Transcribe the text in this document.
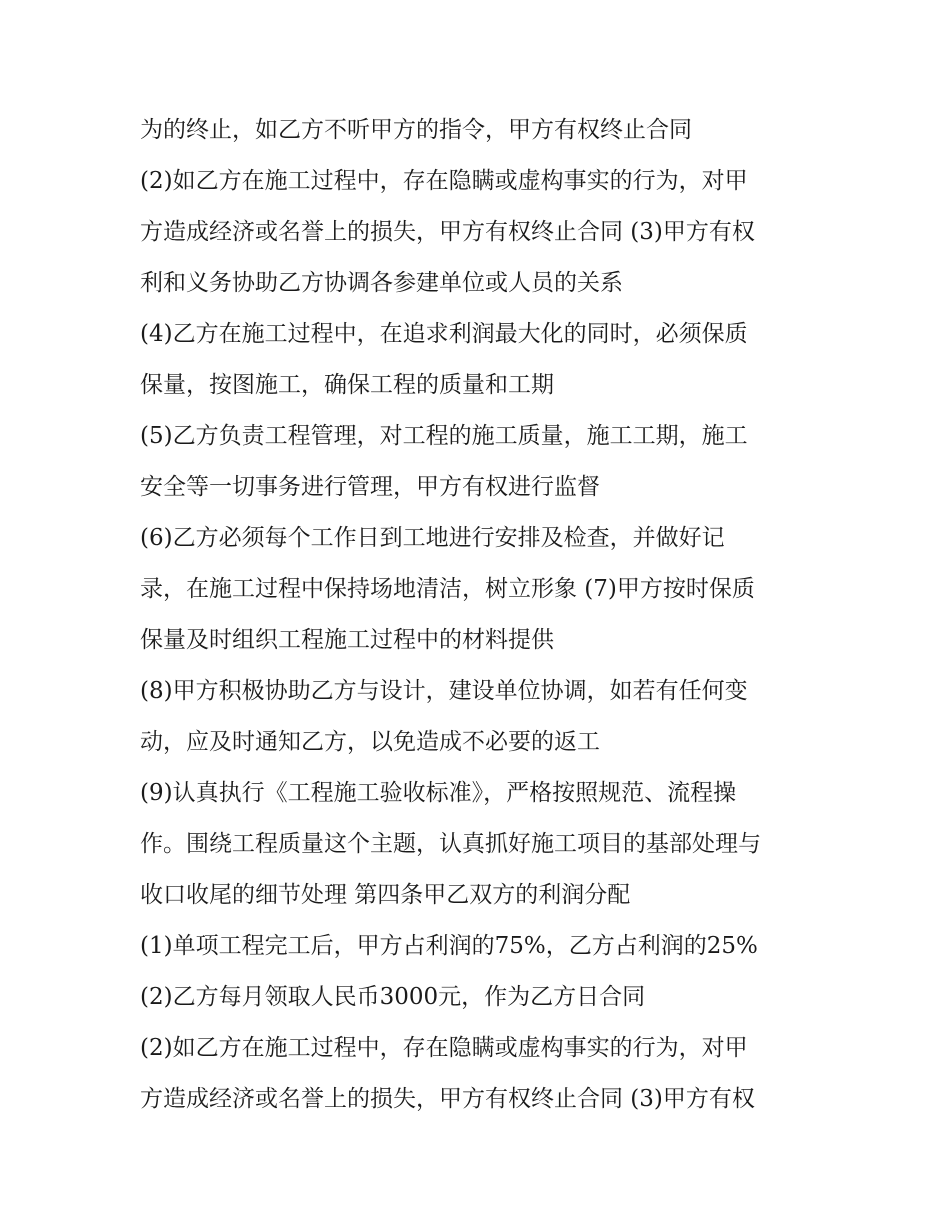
为的终止，如乙方不听甲方的指令，甲方有权终止合同
(2)如乙方在施工过程中，存在隐瞒或虚构事实的行为，对甲
方造成经济或名誉上的损失，甲方有权终止合同 (3)甲方有权
利和义务协助乙方协调各参建单位或人员的关系
(4)乙方在施工过程中，在追求利润最大化的同时，必须保质
保量，按图施工，确保工程的质量和工期
(5)乙方负责工程管理，对工程的施工质量，施工工期，施工
安全等一切事务进行管理，甲方有权进行监督
(6)乙方必须每个工作日到工地进行安排及检查，并做好记
录，在施工过程中保持场地清洁，树立形象 (7)甲方按时保质
保量及时组织工程施工过程中的材料提供
(8)甲方积极协助乙方与设计，建设单位协调，如若有任何变
动，应及时通知乙方，以免造成不必要的返工
(9)认真执行《工程施工验收标准》，严格按照规范、流程操
作。围绕工程质量这个主题，认真抓好施工项目的基部处理与
收口收尾的细节处理 第四条甲乙双方的利润分配
(1)单项工程完工后，甲方占利润的75%，乙方占利润的25%
(2)乙方每月领取人民币3000元，作为乙方日合同
(2)如乙方在施工过程中，存在隐瞒或虚构事实的行为，对甲
方造成经济或名誉上的损失，甲方有权终止合同 (3)甲方有权
